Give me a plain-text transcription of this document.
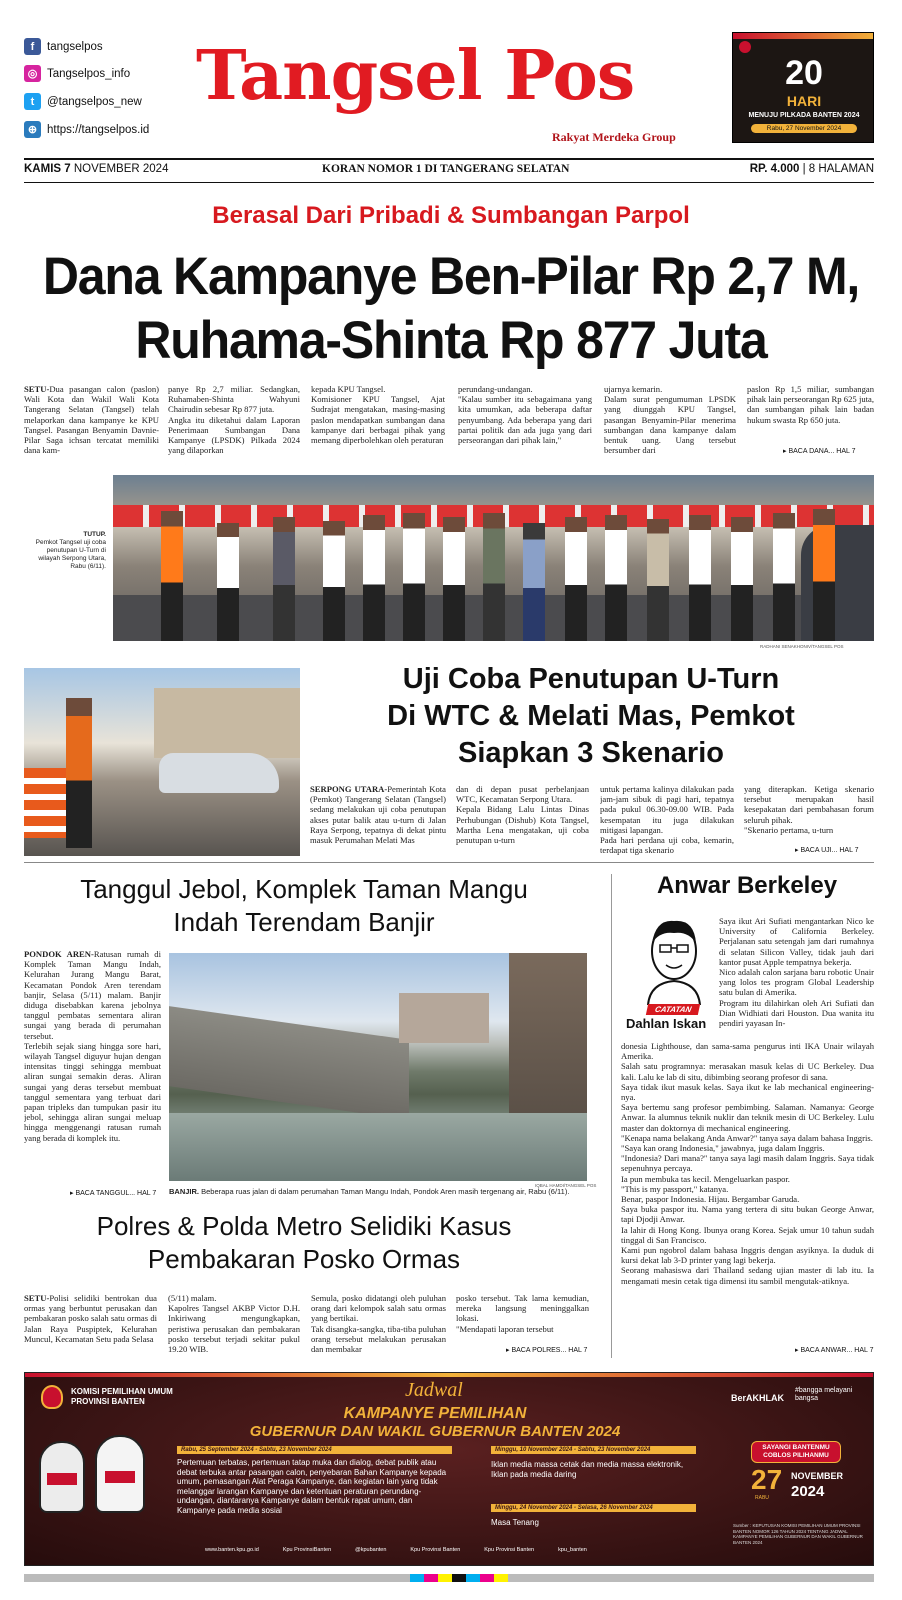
f	tangselpos
◎ Tangselpos_info
t	@tangselpos_new
⊕ https://tangselpos.id
Tangsel Pos
Rakyat Merdeka Group
20
HARI
MENUJU PILKADA BANTEN 2024
Rabu, 27 November 2024
KAMIS 7 NOVEMBER 2024	KORAN NOMOR 1 DI TANGERANG SELATAN	RP. 4.000 | 8 HALAMAN
Berasal Dari Pribadi & Sumbangan Parpol
Dana Kampanye Ben-Pilar Rp 2,7 M,
Ruhama-Shinta Rp 877 Juta
SETU-Dua pasangan calon (paslon) Wali Kota dan Wakil Wali Kota Tangerang Selatan (Tangsel) telah melaporkan dana kampanye ke KPU Tangsel. Pasangan Benyamin Davnie-Pilar Saga ichsan tercatat memiliki dana kam-
panye Rp 2,7 miliar. Sedangkan, Ruhamaben-Shinta Wahyuni Chairudin sebesar Rp 877 juta.
Angka itu diketahui dalam Laporan Penerimaan Sumbangan Dana Kampanye (LPSDK) Pilkada 2024 yang dilaporkan
kepada KPU Tangsel.
Komisioner KPU Tangsel, Ajat Sudrajat mengatakan, masing-masing paslon mendapatkan sumbangan dana kampanye dari berbagai pihak yang memang diperbolehkan oleh peraturan
perundang-undangan.
"Kalau sumber itu sebagaimana yang kita umumkan, ada beberapa daftar penyumbang. Ada beberapa yang dari partai politik dan ada juga yang dari perseorangan dari pihak lain,"
ujarnya kemarin.
Dalam surat pengumuman LPSDK yang diunggah KPU Tangsel, pasangan Benyamin-Pilar menerima sumbangan dana kampanye dalam bentuk uang. Uang tersebut bersumber dari
paslon Rp 1,5 miliar, sumbangan pihak lain perseorangan Rp 625 juta, dan sumbangan pihak lain badan hukum swasta Rp 650 juta.
▸ BACA DANA... HAL 7
TUTUP.
Pemkot Tangsel uji coba penutupan U-Turn di wilayah Serpong Utara, Rabu (6/11).
RADHANI SENAKHONIV/TANGSEL POS
Uji Coba Penutupan U-Turn
Di WTC & Melati Mas, Pemkot
Siapkan 3 Skenario
SERPONG UTARA-Pemerintah Kota (Pemkot) Tangerang Selatan (Tangsel) sedang melakukan uji coba penutupan akses putar balik atau u-turn di Jalan Raya Serpong, tepatnya di dekat pintu masuk Perumahan Melati Mas
dan di depan pusat perbelanjaan WTC, Kecamatan Serpong Utara.
Kepala Bidang Lalu Lintas Dinas Perhubungan (Dishub) Kota Tangsel, Martha Lena mengatakan, uji coba penutupan u-turn
untuk pertama kalinya dilakukan pada jam-jam sibuk di pagi hari, tepatnya pada pukul 06.30-09.00 WIB. Pada kesempatan itu juga dilakukan mitigasi lapangan.
Pada hari perdana uji coba, kemarin, terdapat tiga skenario
yang diterapkan. Ketiga skenario tersebut merupakan hasil kesepakatan dari pembahasan forum seluruh pihak.
"Skenario pertama, u-turn
▸ BACA UJI... HAL 7
Tanggul Jebol, Komplek Taman Mangu
Indah Terendam Banjir
PONDOK AREN-Ratusan rumah di Komplek Taman Mangu Indah, Kelurahan Jurang Mangu Barat, Kecamatan Pondok Aren terendam banjir, Selasa (5/11) malam. Banjir diduga disebabkan karena jebolnya tanggul pembatas sementara aliran sungai yang berada di perumahan tersebut.
Terlebih sejak siang hingga sore hari, wilayah Tangsel diguyur hujan dengan intensitas tinggi sehingga membuat aliran sungai semakin deras. Aliran sungai yang deras tersebut membuat tanggul sementara yang terbuat dari papan tripleks dan tumpukan pasir itu jebol, sehingga aliran sungai meluap hingga menggenangi ratusan rumah yang berada di komplek itu.
▸ BACA TANGGUL... HAL 7
IQBAL HAMDI/TANGSEL POS
BANJIR. Beberapa ruas jalan di dalam perumahan Taman Mangu Indah, Pondok Aren masih tergenang air, Rabu (6/11).
Polres & Polda Metro Selidiki Kasus
Pembakaran Posko Ormas
SETU-Polisi selidiki bentrokan dua ormas yang berbuntut perusakan dan pembakaran posko salah satu ormas di Jalan Raya Puspiptek, Kelurahan Muncul, Kecamatan Setu pada Selasa
(5/11) malam.
Kapolres Tangsel AKBP Victor D.H. Inkiriwang mengungkapkan, peristiwa perusakan dan pembakaran posko tersebut terjadi sekitar pukul 19.20 WIB.
Semula, posko didatangi oleh puluhan orang dari kelompok salah satu ormas yang bertikai.
Tak disangka-sangka, tiba-tiba puluhan orang tersebut melakukan perusakan dan membakar
posko tersebut. Tak lama kemudian, mereka langsung meninggalkan lokasi.
"Mendapati laporan tersebut
▸ BACA POLRES... HAL 7
Anwar Berkeley
CATATAN
Dahlan Iskan
Saya ikut Ari Sufiati mengantarkan Nico ke University of California Berkeley. Perjalanan satu setengah jam dari rumahnya di selatan Silicon Valley, tidak jauh dari kantor pusat Apple tempatnya bekerja.
Nico adalah calon sarjana baru robotic Unair yang lolos tes program Global Leadership satu bulan di Amerika.
Program itu dilahirkan oleh Ari Sufiati dan Dian Widhiati dari Houston. Dua wanita itu pendiri yayasan In-
donesia Lighthouse, dan sama-sama pengurus inti IKA Unair wilayah Amerika.
Salah satu programnya: merasakan masuk kelas di UC Berkeley. Dua kali. Lalu ke lab di situ, dibimbing seorang profesor di sana.
Saya tidak ikut masuk kelas. Saya ikut ke lab mechanical engineering-nya.
Saya bertemu sang profesor pembimbing. Salaman. Namanya: George Anwar. Ia alumnus teknik nuklir dan teknik mesin di UC Berkeley. Lulu master dan doktornya di mechanical engineering.
"Kenapa nama belakang Anda Anwar?" tanya saya dalam bahasa Inggris.
"Saya kan orang Indonesia," jawabnya, juga dalam Inggris.
"Indonesia? Dari mana?" tanya saya lagi masih dalam Inggris. Saya tidak sepenuhnya percaya.
Ia pun membuka tas kecil. Mengeluarkan paspor.
"This is my passport," katanya.
Benar, paspor Indonesia. Hijau. Bergambar Garuda.
Saya buka paspor itu. Nama yang tertera di situ bukan George Anwar, tapi Djodji Anwar.
Ia lahir di Hong Kong. Ibunya orang Korea. Sejak umur 10 tahun sudah tinggal di San Francisco.
Kami pun ngobrol dalam bahasa Inggris dengan asyiknya. Ia duduk di kursi dekat lab 3-D printer yang lagi bekerja.
Seorang mahasiswa dari Thailand sedang ujian master di lab itu. Ia mengamati mesin cetak tiga dimensi itu sambil mengutak-atiknya.
▸ BACA ANWAR... HAL 7
KOMISI PEMILIHAN UMUM
PROVINSI BANTEN
Jadwal
KAMPANYE PEMILIHAN
GUBERNUR DAN WAKIL GUBERNUR BANTEN 2024
Rabu, 25 September 2024 - Sabtu, 23 November 2024
Pertemuan terbatas, pertemuan tatap muka dan dialog, debat publik atau debat terbuka antar pasangan calon, penyebaran Bahan Kampanye kepada umum, pemasangan Alat Peraga Kampanye, dan kegiatan lain yang tidak melanggar larangan Kampanye dan ketentuan peraturan perundang-undangan, diantaranya Kampanye dalam bentuk rapat umum, dan Kampanye pada media sosial
Minggu, 10 November 2024 - Sabtu, 23 November 2024
Iklan media massa cetak dan media massa elektronik, Iklan pada media daring
Minggu, 24 November 2024 - Selasa, 26 November 2024
Masa Tenang
BerAKHLAK
#bangga melayani bangsa
SAYANGI BANTENMU COBLOS PILIHANMU
27
RABU
NOVEMBER
2024
Sumber : KEPUTUSAN KOMISI PEMILIHAN UMUM PROVINSI BANTEN NOMOR 126 TAHUN 2024 TENTANG JADWAL KAMPANYE PEMILIHAN GUBERNUR DAN WAKIL GUBERNUR BANTEN 2024
www.banten.kpu.go.id	Kpu ProvinsiBanten	@kpubanten	Kpu Provinsi Banten	Kpu Provinsi Banten	kpu_banten
